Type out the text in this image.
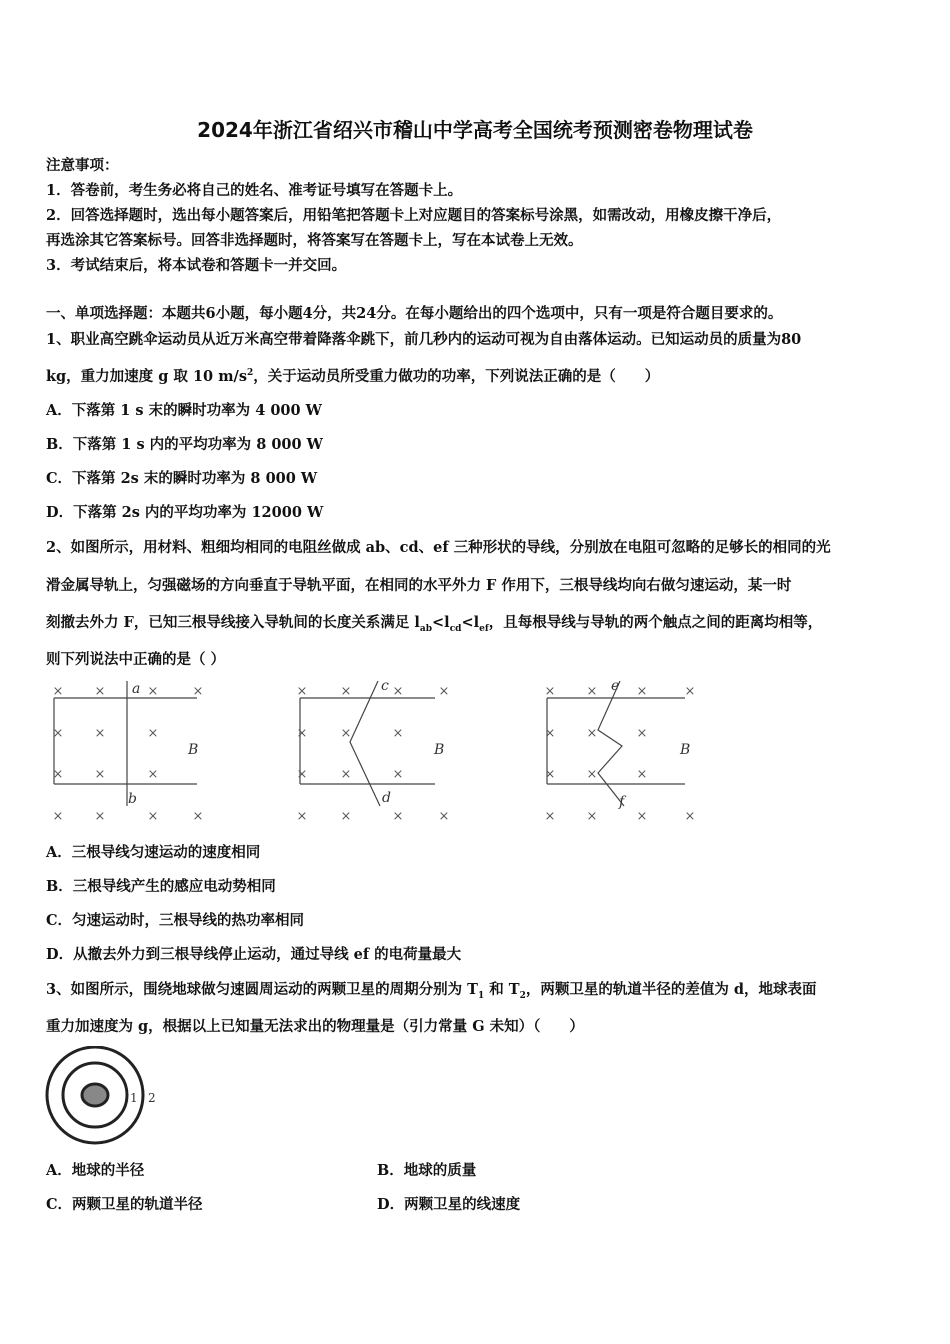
2024年浙江省绍兴市稽山中学高考全国统考预测密卷物理试卷
注意事项：
1．答卷前，考生务必将自己的姓名、准考证号填写在答题卡上。
2．回答选择题时，选出每小题答案后，用铅笔把答题卡上对应题目的答案标号涂黑，如需改动，用橡皮擦干净后，
再选涂其它答案标号。回答非选择题时，将答案写在答题卡上，写在本试卷上无效。
3．考试结束后，将本试卷和答题卡一并交回。
一、单项选择题：本题共6小题，每小题4分，共24分。在每小题给出的四个选项中，只有一项是符合题目要求的。
1、职业高空跳伞运动员从近万米高空带着降落伞跳下，前几秒内的运动可视为自由落体运动。已知运动员的质量为80
kg，重力加速度 g 取 10 $m/s^2$，关于运动员所受重力做功的功率，下列说法正确的是（　　）
A．下落第 1 s 末的瞬时功率为 4 000 W
B．下落第 1 s 内的平均功率为 8 000 W
C．下落第 2s 末的瞬时功率为 8 000 W
D．下落第 2s 内的平均功率为 12000 W
2、如图所示，用材料、粗细均相同的电阻丝做成 ab、cd、ef 三种形状的导线，分别放在电阻可忽略的足够长的相同的光
滑金属导轨上，匀强磁场的方向垂直于导轨平面，在相同的水平外力 F 作用下，三根导线均向右做匀速运动，某一时
刻撤去外力 F，已知三根导线接入导轨间的长度关系满足 $l_{ab}<l_{cd}<l_{ef}$，且每根导线与导轨的两个触点之间的距离均相等，
则下列说法中正确的是（ ）
× ×	×	×
× ×	×
× ×	×
× ×	×	×
×	×	×	×
×	×	×
×	×	×
×	×	×	×
× ×	×	×
× ×	×
× ×	×
× ×	×	×
a
b
c
d
e
f
B	B	B
A．三根导线匀速运动的速度相同
B．三根导线产生的感应电动势相同
C．匀速运动时，三根导线的热功率相同
D．从撤去外力到三根导线停止运动，通过导线 ef 的电荷量最大
3、如图所示，围绕地球做匀速圆周运动的两颗卫星的周期分别为 $T_1$ 和 $T_2$，两颗卫星的轨道半径的差值为 d，地球表面
重力加速度为 g，根据以上已知量无法求出的物理量是（引力常量 G 未知）（　　）
1 2
A．地球的半径	B．地球的质量
C．两颗卫星的轨道半径	D．两颗卫星的线速度
